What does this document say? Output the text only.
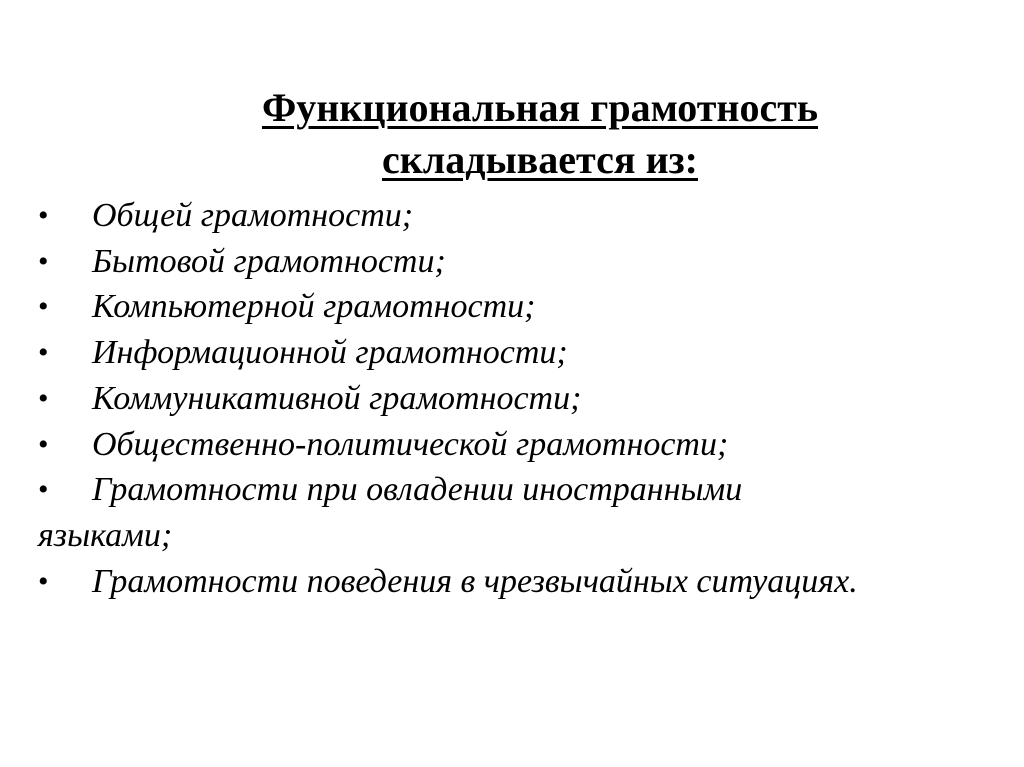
Функциональная грамотность
складывается из:
• Общей грамотности;
• Бытовой грамотности;
• Компьютерной грамотности;
• Информационной грамотности;
• Коммуникативной грамотности;
• Общественно-политической грамотности;
• Грамотности при овладении иностранными языками;
• Грамотности поведения в чрезвычайных ситуациях.
